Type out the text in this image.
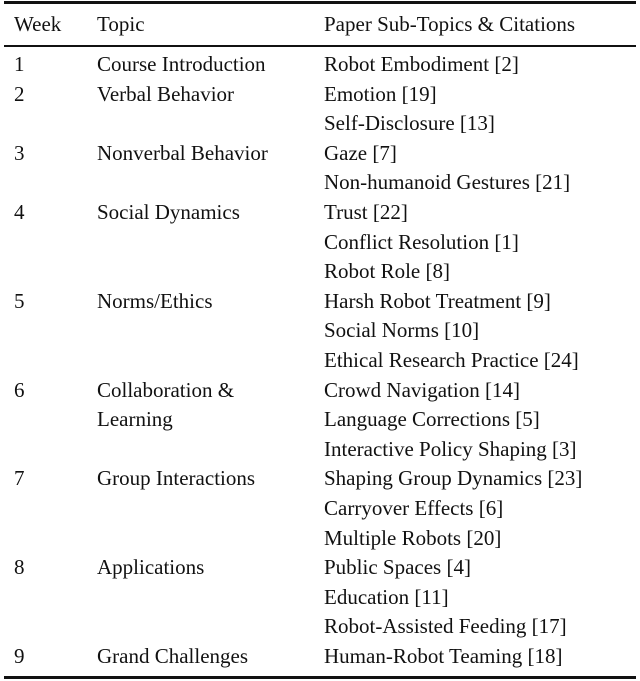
Week	Topic	Paper Sub-Topics & Citations
1	Course Introduction	Robot Embodiment [2]
2	Verbal Behavior	Emotion [19]
		Self-Disclosure [13]
3	Nonverbal Behavior	Gaze [7]
		Non-humanoid Gestures [21]
4	Social Dynamics	Trust [22]
		Conflict Resolution [1]
		Robot Role [8]
5	Norms/Ethics	Harsh Robot Treatment [9]
		Social Norms [10]
		Ethical Research Practice [24]
6	Collaboration &	Crowd Navigation [14]
	Learning	Language Corrections [5]
		Interactive Policy Shaping [3]
7	Group Interactions	Shaping Group Dynamics [23]
		Carryover Effects [6]
		Multiple Robots [20]
8	Applications	Public Spaces [4]
		Education [11]
		Robot-Assisted Feeding [17]
9	Grand Challenges	Human-Robot Teaming [18]
